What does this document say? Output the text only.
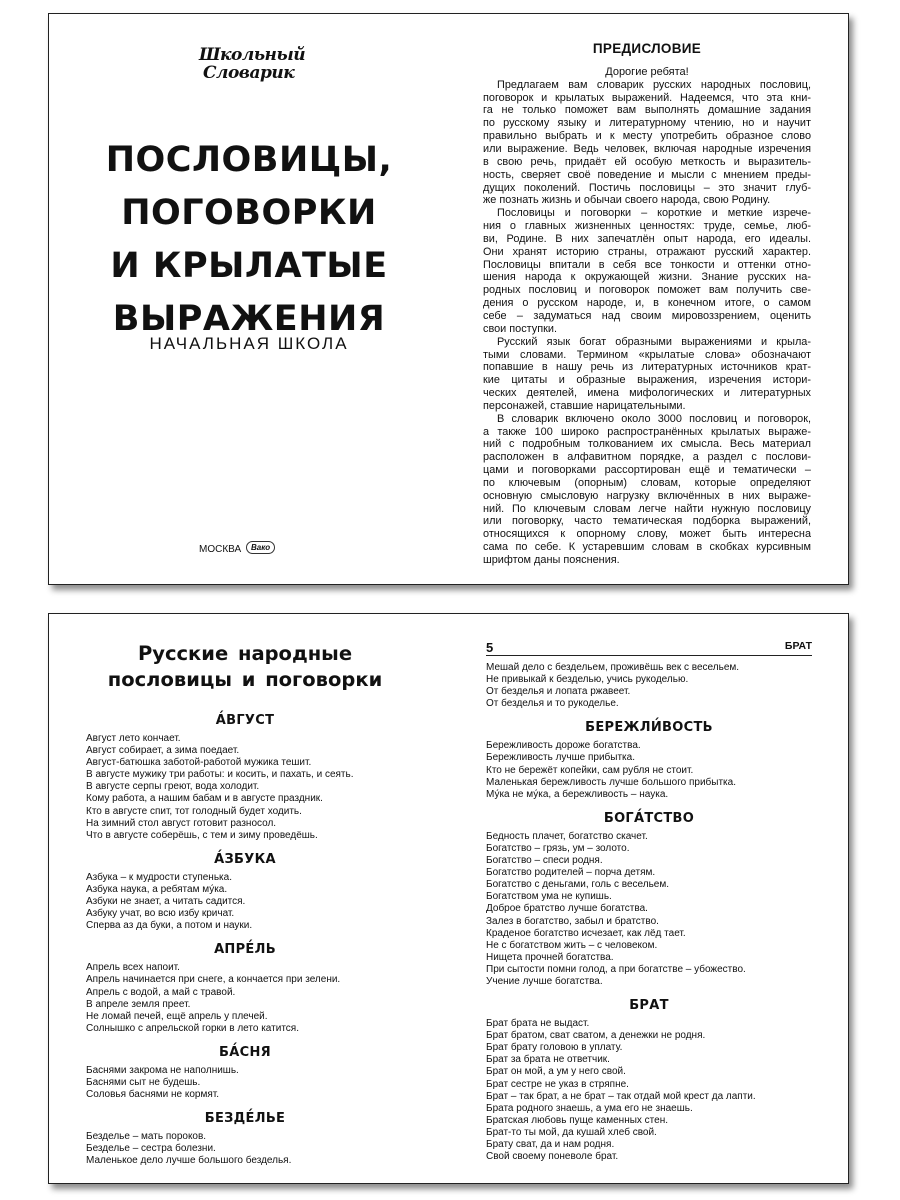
Школьный
Словарик
ПОСЛОВИЦЫ,
ПОГОВОРКИ
И КРЫЛАТЫЕ
ВЫРАЖЕНИЯ
НАЧАЛЬНАЯ ШКОЛА
МОСКВА	Вако
ПРЕДИСЛОВИЕ
Дорогие ребята!
Предлагаем вам словарик русских народных пословиц,
поговорок и крылатых выражений. Надеемся, что эта кни-
га не только поможет вам выполнять домашние задания
по русскому языку и литературному чтению, но и научит
правильно выбрать и к месту употребить образное слово
или выражение. Ведь человек, включая народные изречения
в свою речь, придаёт ей особую меткость и выразитель-
ность, сверяет своё поведение и мысли с мнением преды-
дущих поколений. Постичь пословицы – это значит глуб-
же познать жизнь и обычаи своего народа, свою Родину.
Пословицы и поговорки – короткие и меткие изрече-
ния о главных жизненных ценностях: труде, семье, люб-
ви, Родине. В них запечатлён опыт народа, его идеалы.
Они хранят историю страны, отражают русский характер.
Пословицы впитали в себя все тонкости и оттенки отно-
шения народа к окружающей жизни. Знание русских на-
родных пословиц и поговорок поможет вам получить све-
дения о русском народе, и, в конечном итоге, о самом
себе – задуматься над своим мировоззрением, оценить
свои поступки.
Русский язык богат образными выражениями и крыла-
тыми словами. Термином «крылатые слова» обозначают
попавшие в нашу речь из литературных источников крат-
кие цитаты и образные выражения, изречения истори-
ческих деятелей, имена мифологических и литературных
персонажей, ставшие нарицательными.
В словарик включено около 3000 пословиц и поговорок,
а также 100 широко распространённых крылатых выраже-
ний с подробным толкованием их смысла. Весь материал
расположен в алфавитном порядке, а раздел с послови-
цами и поговорками рассортирован ещё и тематически –
по ключевым (опорным) словам, которые определяют
основную смысловую нагрузку включённых в них выраже-
ний. По ключевым словам легче найти нужную пословицу
или поговорку, часто тематическая подборка выражений,
относящихся к опорному слову, может быть интересна
сама по себе. К устаревшим словам в скобках курсивным
шрифтом даны пояснения.
Русские народные
пословицы и поговорки
А́ВГУСТ
Август лето кончает.
Август собирает, а зима поедает.
Август-батюшка заботой-работой мужика тешит.
В августе мужику три работы: и косить, и пахать, и сеять.
В августе серпы греют, вода холодит.
Кому работа, а нашим бабам и в августе праздник.
Кто в августе спит, тот голодный будет ходить.
На зимний стол август готовит разносол.
Что в августе соберёшь, с тем и зиму проведёшь.
А́ЗБУКА
Азбука – к мудрости ступенька.
Азбука наука, а ребятам му́ка.
Азбуки не знает, а читать садится.
Азбуку учат, во всю избу кричат.
Сперва аз да буки, а потом и науки.
АПРЕ́ЛЬ
Апрель всех напоит.
Апрель начинается при снеге, а кончается при зелени.
Апрель с водой, а май с травой.
В апреле земля преет.
Не ломай печей, ещё апрель у плечей.
Солнышко с апрельской горки в лето катится.
БА́СНЯ
Баснями закрома не наполнишь.
Баснями сыт не будешь.
Соловья баснями не кормят.
БЕЗДЕ́ЛЬЕ
Безделье – мать пороков.
Безделье – сестра болезни.
Маленькое дело лучше большого безделья.
5	БРАТ
Мешай дело с бездельем, проживёшь век с весельем.
Не привыкай к безделью, учись рукоделью.
От безделья и лопата ржавеет.
От безделья и то рукоделье.
БЕРЕЖЛИ́ВОСТЬ
Бережливость дороже богатства.
Бережливость лучше прибытка.
Кто не бережёт копейки, сам рубля не стоит.
Маленькая бережливость лучше большого прибытка.
Му́ка не му́ка, а бережливость – наука.
БОГА́ТСТВО
Бедность плачет, богатство скачет.
Богатство – грязь, ум – золото.
Богатство – спеси родня.
Богатство родителей – порча детям.
Богатство с деньгами, голь с весельем.
Богатством ума не купишь.
Доброе братство лучше богатства.
Залез в богатство, забыл и братство.
Краденое богатство исчезает, как лёд тает.
Не с богатством жить – с человеком.
Нищета прочней богатства.
При сытости помни голод, а при богатстве – убожество.
Учение лучше богатства.
БРАТ
Брат брата не выдаст.
Брат братом, сват сватом, а денежки не родня.
Брат брату головою в уплату.
Брат за брата не ответчик.
Брат он мой, а ум у него свой.
Брат сестре не указ в стряпне.
Брат – так брат, а не брат – так отдай мой крест да лапти.
Брата родного знаешь, а ума его не знаешь.
Братская любовь пуще каменных стен.
Брат-то ты мой, да кушай хлеб свой.
Брату сват, да и нам родня.
Свой своему поневоле брат.
